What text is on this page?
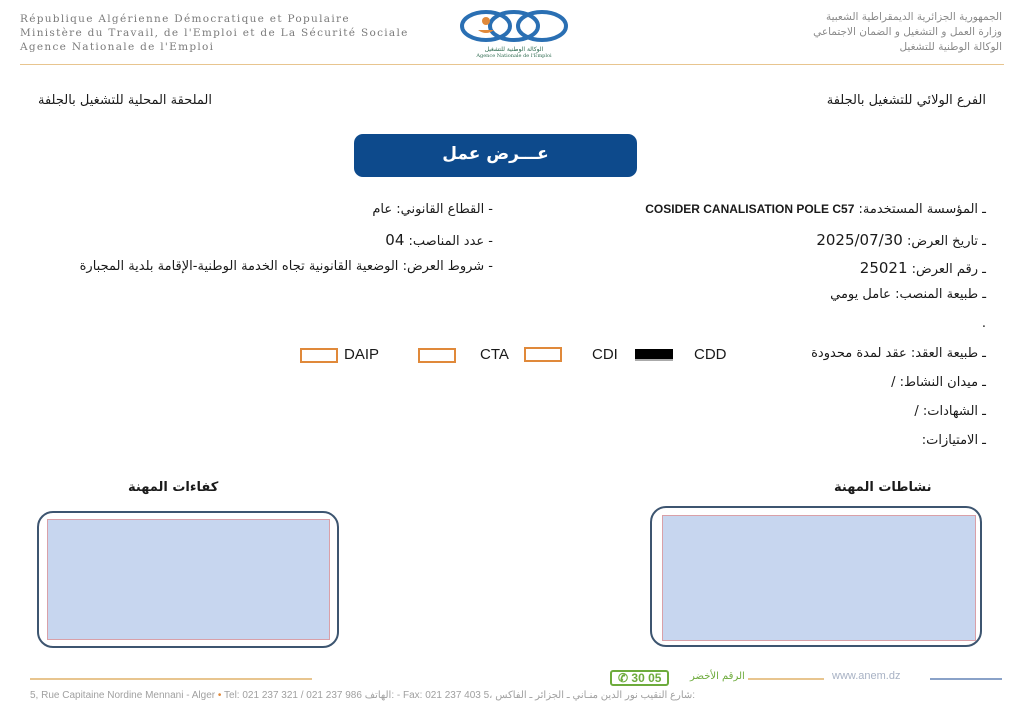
République Algérienne Démocratique et Populaire
Ministère du Travail, de l'Emploi et de La Sécurité Sociale
Agence Nationale de l'Emploi	الوكالة الوطنية للتشغيل
Agence Nationale de l'Emploi
الجمهورية الجزائرية الديمقراطية الشعبية
وزارة العمل و التشغيل و الضمان الاجتماعي
الوكالة الوطنية للتشغيل
الفرع الولائي للتشغيل بالجلفة
الملحقة المحلية للتشغيل بالجلفة
عـــرض عمل
ـ المؤسسة المستخدمة: COSIDER CANALISATION POLE C57
ـ تاريخ العرض: 2025/07/30
ـ رقم العرض: 25021
ـ طبيعة المنصب: عامل يومي
.
ـ طبيعة العقد: عقد لمدة محدودة
ـ ميدان النشاط: /
ـ الشهادات: /
ـ الامتيازات:
- القطاع القانوني: عام
- عدد المناصب: 04
- شروط العرض: الوضعية القانونية تجاه الخدمة الوطنية-الإقامة بلدية المجبارة
CDD
CDI
CTA
DAIP
نشاطات المهنة
كفاءات المهنة
✆ 30 05	الرقم الأخضر	www.anem.dz
5, Rue Capitaine Nordine Mennani - Alger • Tel: 021 237 321 / 021 237 986 الهاتف: - Fax: 021 237 403 5، شارع النقيب نور الدين منـاني ـ الجزائر ـ الفاكس:
